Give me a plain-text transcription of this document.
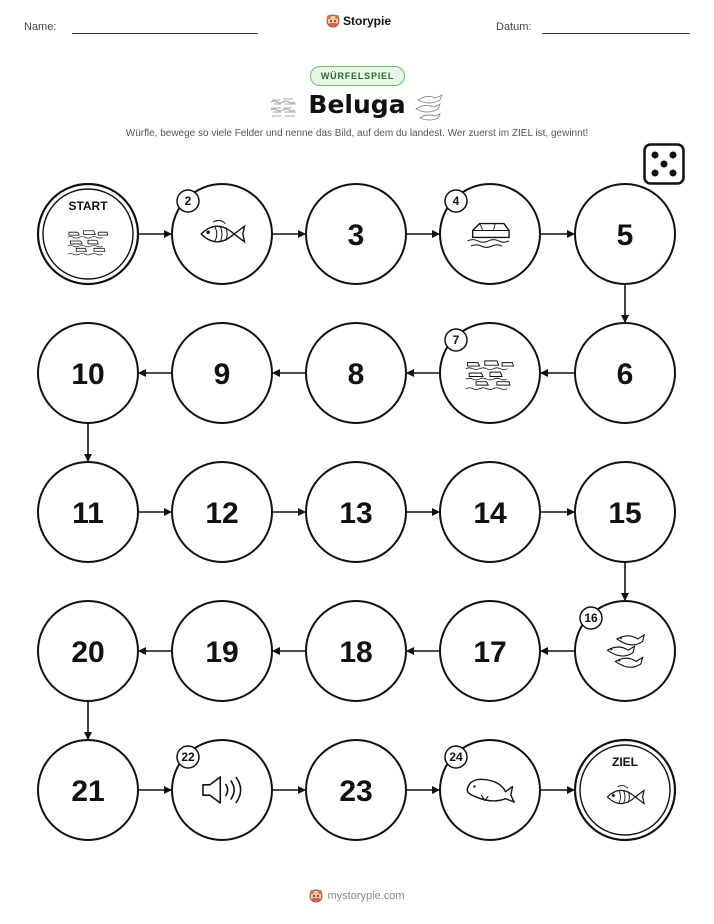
Name:	Storypie	Datum:
WÜRFELSPIEL
Beluga
Würfle, bewege so viele Felder und nenne das Bild, auf dem du landest. Wer zuerst im ZIEL ist, gewinnt!
START	2
3
4
5
6
7
8
9
10
11	12	13	14	15
16
17
18
19
20
21
22
23
24	ZIEL
mystorypie.com
